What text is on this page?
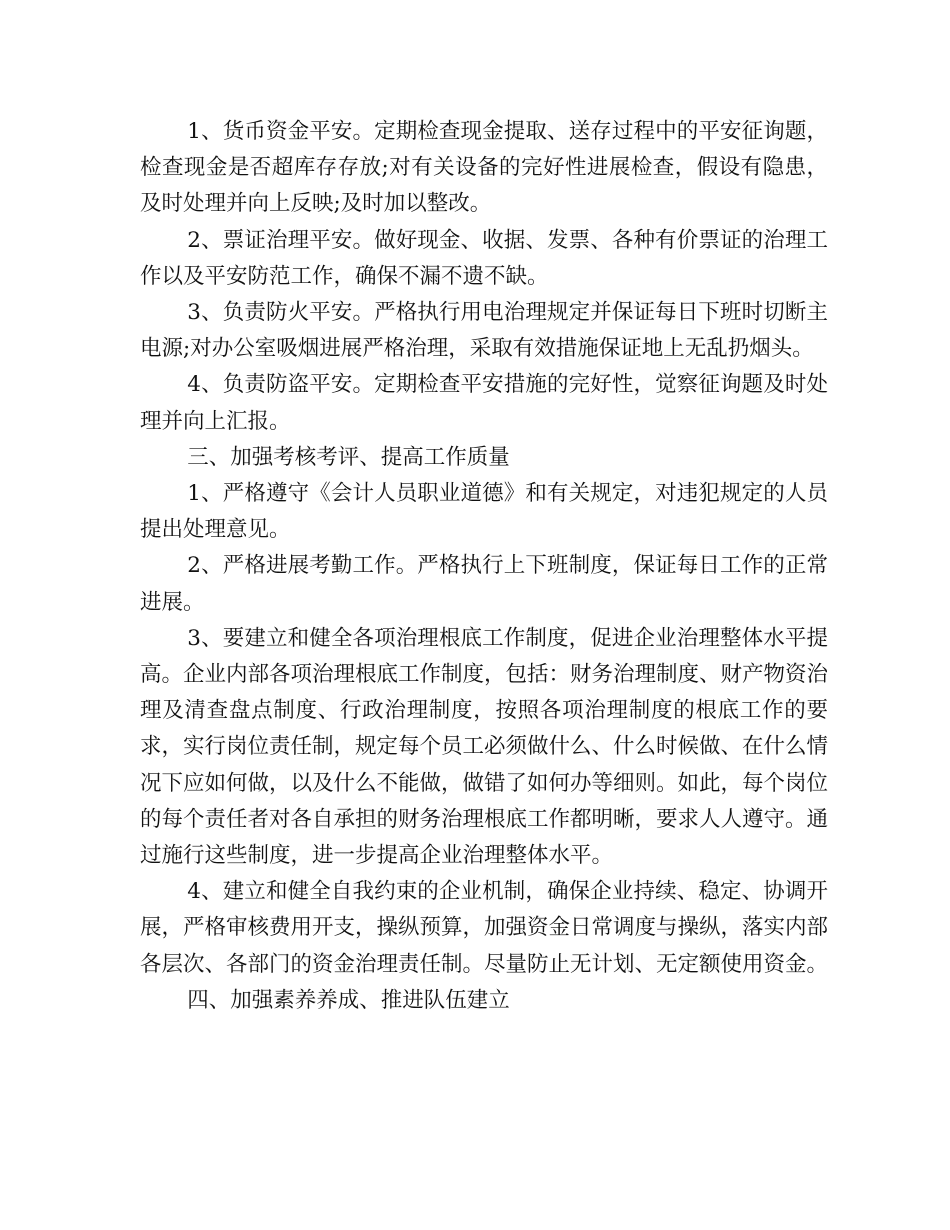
1、货币资金平安。定期检查现金提取、送存过程中的平安征询题，检查现金是否超库存存放;对有关设备的完好性进展检查，假设有隐患，及时处理并向上反映;及时加以整改。

2、票证治理平安。做好现金、收据、发票、各种有价票证的治理工作以及平安防范工作，确保不漏不遗不缺。

3、负责防火平安。严格执行用电治理规定并保证每日下班时切断主电源;对办公室吸烟进展严格治理，采取有效措施保证地上无乱扔烟头。

4、负责防盗平安。定期检查平安措施的完好性，觉察征询题及时处理并向上汇报。

三、加强考核考评、提高工作质量

1、严格遵守《会计人员职业道德》和有关规定，对违犯规定的人员提出处理意见。

2、严格进展考勤工作。严格执行上下班制度，保证每日工作的正常进展。

3、要建立和健全各项治理根底工作制度，促进企业治理整体水平提高。企业内部各项治理根底工作制度，包括：财务治理制度、财产物资治理及清查盘点制度、行政治理制度，按照各项治理制度的根底工作的要求，实行岗位责任制，规定每个员工必须做什么、什么时候做、在什么情况下应如何做，以及什么不能做，做错了如何办等细则。如此，每个岗位的每个责任者对各自承担的财务治理根底工作都明晰，要求人人遵守。通过施行这些制度，进一步提高企业治理整体水平。

4、建立和健全自我约束的企业机制，确保企业持续、稳定、协调开展，严格审核费用开支，操纵预算，加强资金日常调度与操纵，落实内部各层次、各部门的资金治理责任制。尽量防止无计划、无定额使用资金。

四、加强素养养成、推进队伍建立
